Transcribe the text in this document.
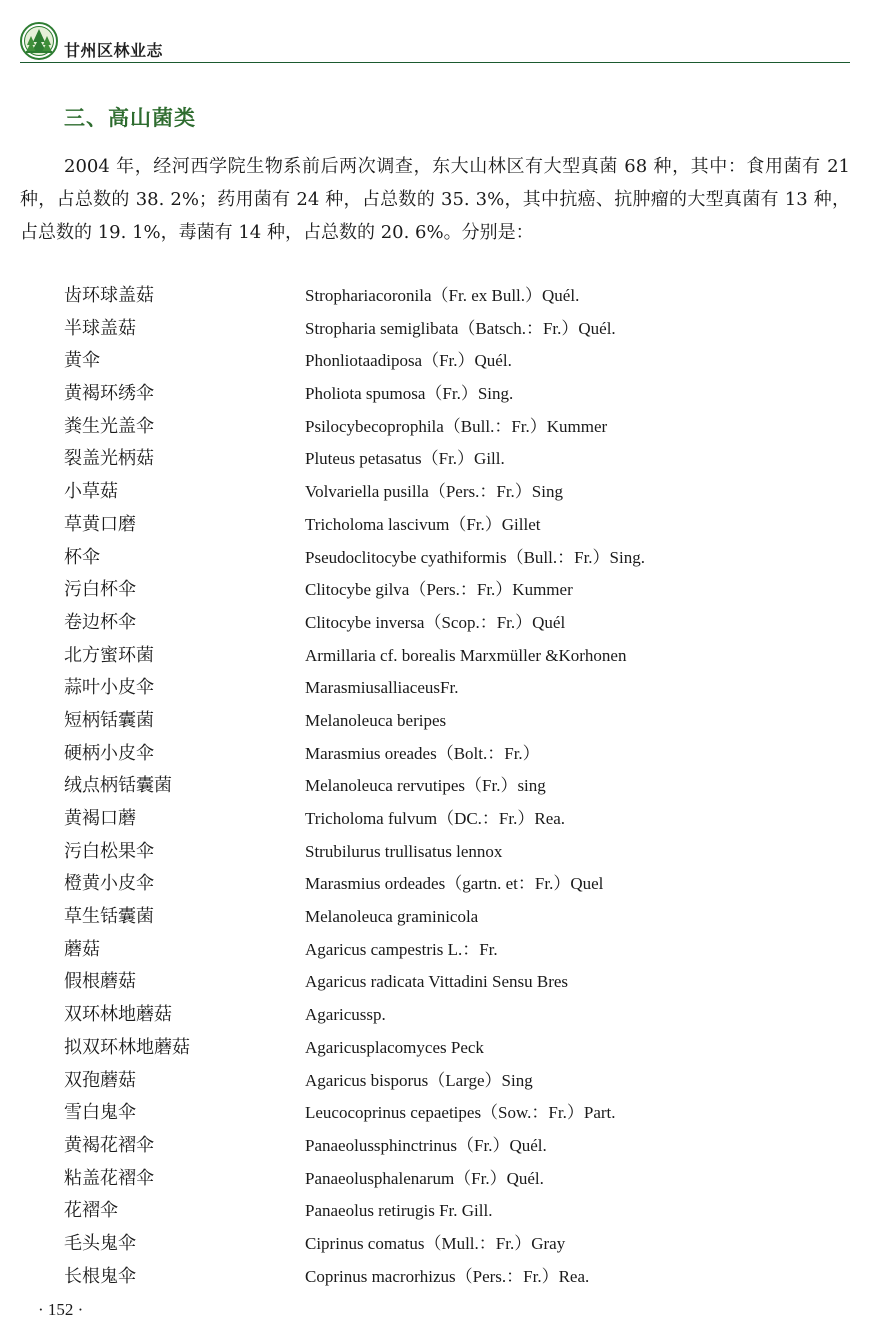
甘州区林业志
三、高山菌类

2004 年，经河西学院生物系前后两次调查，东大山林区有大型真菌 68 种，其中：食用菌有 21 种，占总数的 38. 2%；药用菌有 24 种，占总数的 35. 3%，其中抗癌、抗肿瘤的大型真菌有 13 种，占总数的 19. 1%，毒菌有 14 种，占总数的 20. 6%。分别是：

齿环球盖菇	Strophariacoronila（Fr. ex Bull.）Quél.
半球盖菇	Stropharia semiglibata（Batsch.：Fr.）Quél.
黄伞	Phonliotaadiposa（Fr.）Quél.
黄褐环绣伞	Pholiota spumosa（Fr.）Sing.
粪生光盖伞	Psilocybecoprophila（Bull.：Fr.）Kummer
裂盖光柄菇	Pluteus petasatus（Fr.）Gill.
小草菇	Volvariella pusilla（Pers.：Fr.）Sing
草黄口磨	Tricholoma lascivum（Fr.）Gillet
杯伞	Pseudoclitocybe cyathiformis（Bull.：Fr.）Sing.
污白杯伞	Clitocybe gilva（Pers.：Fr.）Kummer
卷边杯伞	Clitocybe inversa（Scop.：Fr.）Quél
北方蜜环菌	Armillaria cf. borealis Marxmüller &Korhonen
蒜叶小皮伞	MarasmiusalliaceusFr.
短柄铦囊菌	Melanoleuca beripes
硬柄小皮伞	Marasmius oreades（Bolt.：Fr.）
绒点柄铦囊菌	Melanoleuca rervutipes（Fr.）sing
黄褐口蘑	Tricholoma fulvum（DC.：Fr.）Rea.
污白松果伞	Strubilurus trullisatus lennox
橙黄小皮伞	Marasmius ordeades（gartn. et：Fr.）Quel
草生铦囊菌	Melanoleuca graminicola
蘑菇	Agaricus campestris L.：Fr.
假根蘑菇	Agaricus radicata Vittadini Sensu Bres
双环林地蘑菇	Agaricussp.
拟双环林地蘑菇	Agaricusplacomyces Peck
双孢蘑菇	Agaricus bisporus（Large）Sing
雪白鬼伞	Leucocoprinus cepaetipes（Sow.：Fr.）Part.
黄褐花褶伞	Panaeolussphinctrinus（Fr.）Quél.
粘盖花褶伞	Panaeolusphalenarum（Fr.）Quél.
花褶伞	Panaeolus retirugis Fr. Gill.
毛头鬼伞	Ciprinus comatus（Mull.：Fr.）Gray
长根鬼伞	Coprinus macrorhizus（Pers.：Fr.）Rea.
· 152 ·
